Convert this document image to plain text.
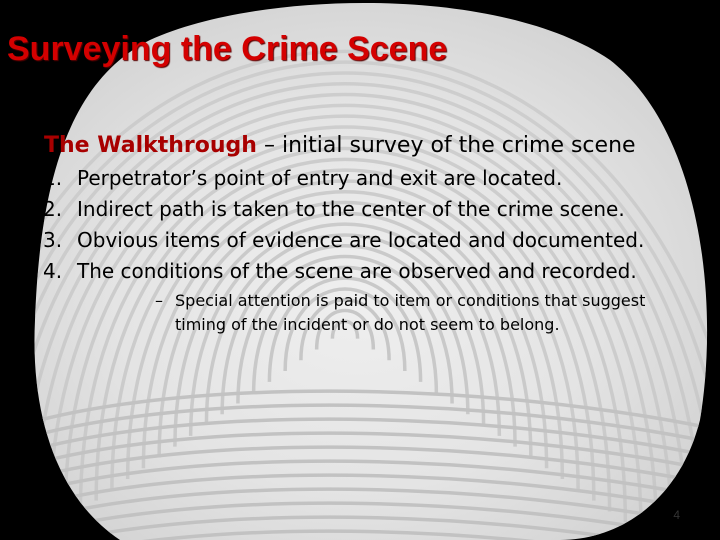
Surveying the Crime Scene

The Walkthrough – initial survey of the crime scene

1. Perpetrator’s point of entry and exit are located.
2. Indirect path is taken to the center of the crime scene.
3. Obvious items of evidence are located and documented.
4. The conditions of the scene are observed and recorded.
– Special attention is paid to item or conditions that suggest timing of the incident or do not seem to belong.
4
